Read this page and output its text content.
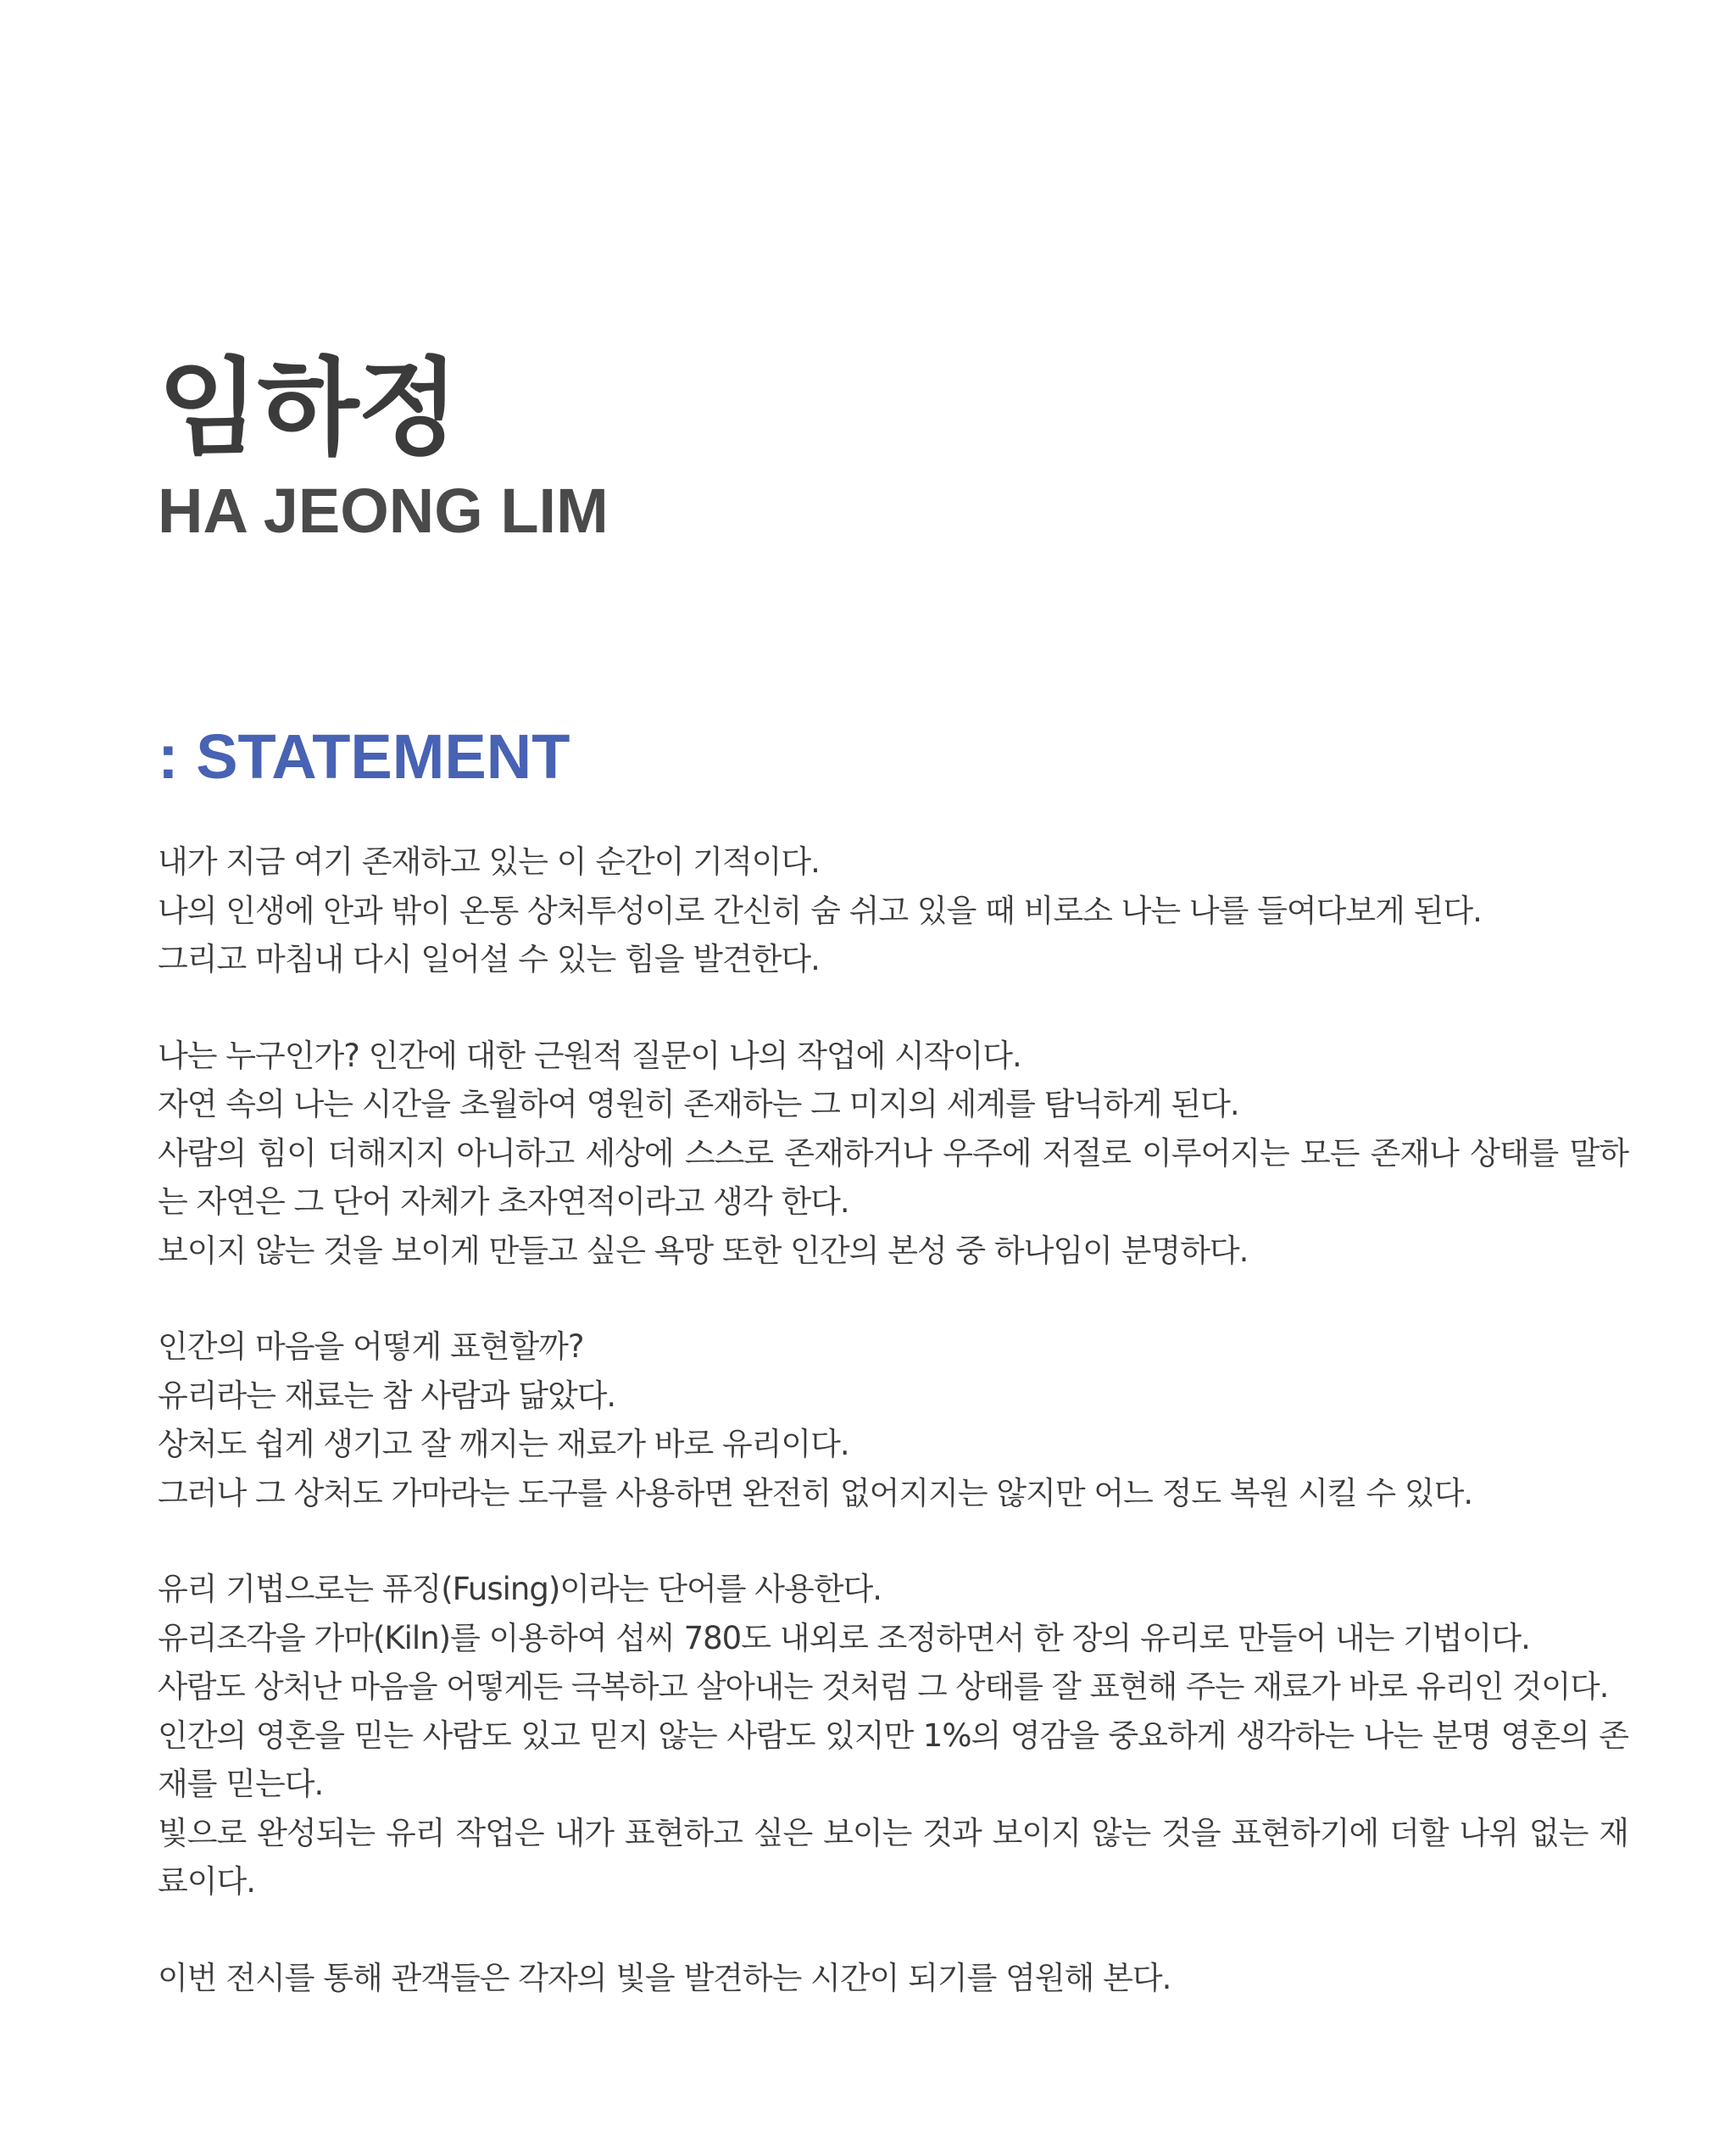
임하정
HA JEONG LIM
: STATEMENT

내가 지금 여기 존재하고 있는 이 순간이 기적이다.
나의 인생에 안과 밖이 온통 상처투성이로 간신히 숨 쉬고 있을 때 비로소 나는 나를 들여다보게 된다.
그리고 마침내 다시 일어설 수 있는 힘을 발견한다.

나는 누구인가? 인간에 대한 근원적 질문이 나의 작업에 시작이다.
자연 속의 나는 시간을 초월하여 영원히 존재하는 그 미지의 세계를 탐닉하게 된다.
사람의 힘이 더해지지 아니하고 세상에 스스로 존재하거나 우주에 저절로 이루어지는 모든 존재나 상태를 말하는 자연은 그 단어 자체가 초자연적이라고 생각 한다.
보이지 않는 것을 보이게 만들고 싶은 욕망 또한 인간의 본성 중 하나임이 분명하다.

인간의 마음을 어떻게 표현할까?
유리라는 재료는 참 사람과 닮았다.
상처도 쉽게 생기고 잘 깨지는 재료가 바로 유리이다.
그러나 그 상처도 가마라는 도구를 사용하면 완전히 없어지지는 않지만 어느 정도 복원 시킬 수 있다.

유리 기법으로는 퓨징(Fusing)이라는 단어를 사용한다.
유리조각을 가마(Kiln)를 이용하여 섭씨 780도 내외로 조정하면서 한 장의 유리로 만들어 내는 기법이다.
사람도 상처난 마음을 어떻게든 극복하고 살아내는 것처럼 그 상태를 잘 표현해 주는 재료가 바로 유리인 것이다.
인간의 영혼을 믿는 사람도 있고 믿지 않는 사람도 있지만 1%의 영감을 중요하게 생각하는 나는 분명 영혼의 존재를 믿는다.
빛으로 완성되는 유리 작업은 내가 표현하고 싶은 보이는 것과 보이지 않는 것을 표현하기에 더할 나위 없는 재료이다.

이번 전시를 통해 관객들은 각자의 빛을 발견하는 시간이 되기를 염원해 본다.
